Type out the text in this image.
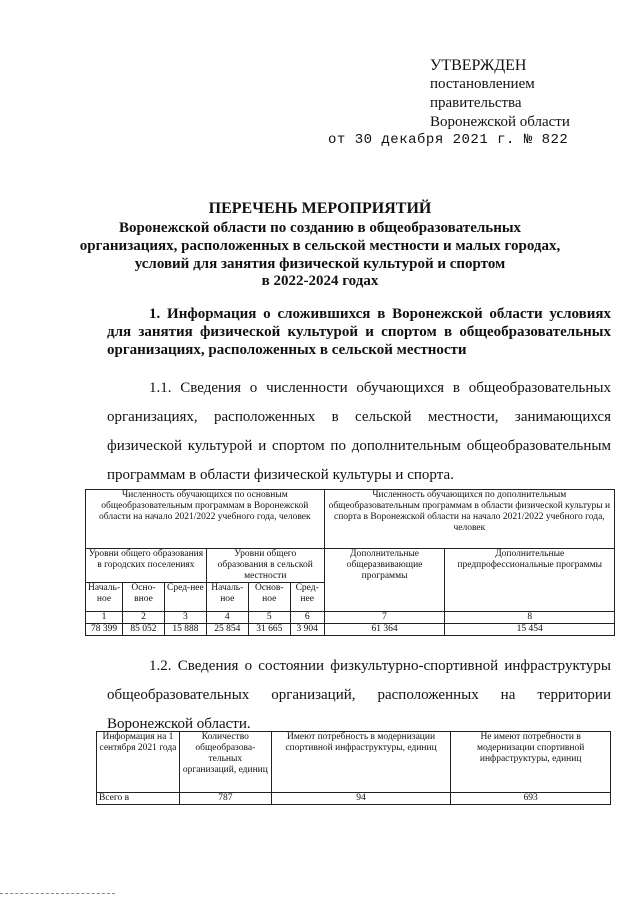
УТВЕРЖДЕН
постановлением
правительства
Воронежской области
от 30 декабря 2021 г. № 822
ПЕРЕЧЕНЬ МЕРОПРИЯТИЙ
Воронежской области по созданию в общеобразовательных
организациях, расположенных в сельской местности и малых городах,
условий для занятия физической культурой и спортом
в 2022-2024 годах
1. Информация о сложившихся в Воронежской области условиях для занятия физической культурой и спортом в общеобразовательных организациях, расположенных в сельской местности
1.1. Сведения о численности обучающихся в общеобразовательных организациях, расположенных в сельской местности, занимающихся физической культурой и спортом по дополнительным общеобразовательным программам в области физической культуры и спорта.
Численность обучающихся по основным общеобразовательным программам в Воронежской области на начало 2021/2022 учебного года, человек						Численность обучающихся по дополнительным общеобразовательным программам в области физической культуры и спорта в Воронежской области на начало 2021/2022 учебного года, человек	
Уровни общего образования в городских поселениях			Уровни общего образования в сельской местности			Дополнительные общеразвивающие программы	Дополнительные предпрофессиональные программы
Началь-ное	Осно-вное	Сред-нее	Началь-ное	Основ-ное	Сред-нее		
1	2	3	4	5	6	7	8
78 399	85 052	15 888	25 854	31 665	3 904	61 364	15 454
1.2. Сведения о состоянии физкультурно-спортивной инфраструктуры общеобразовательных организаций, расположенных на территории Воронежской области.
Информация на 1 сентября 2021 года	Количество общеобразова-тельных организаций, единиц	Имеют потребность в модернизации спортивной инфраструктуры, единиц	Не имеют потребности в модернизации спортивной инфраструктуры, единиц
Всего в	787	94	693
